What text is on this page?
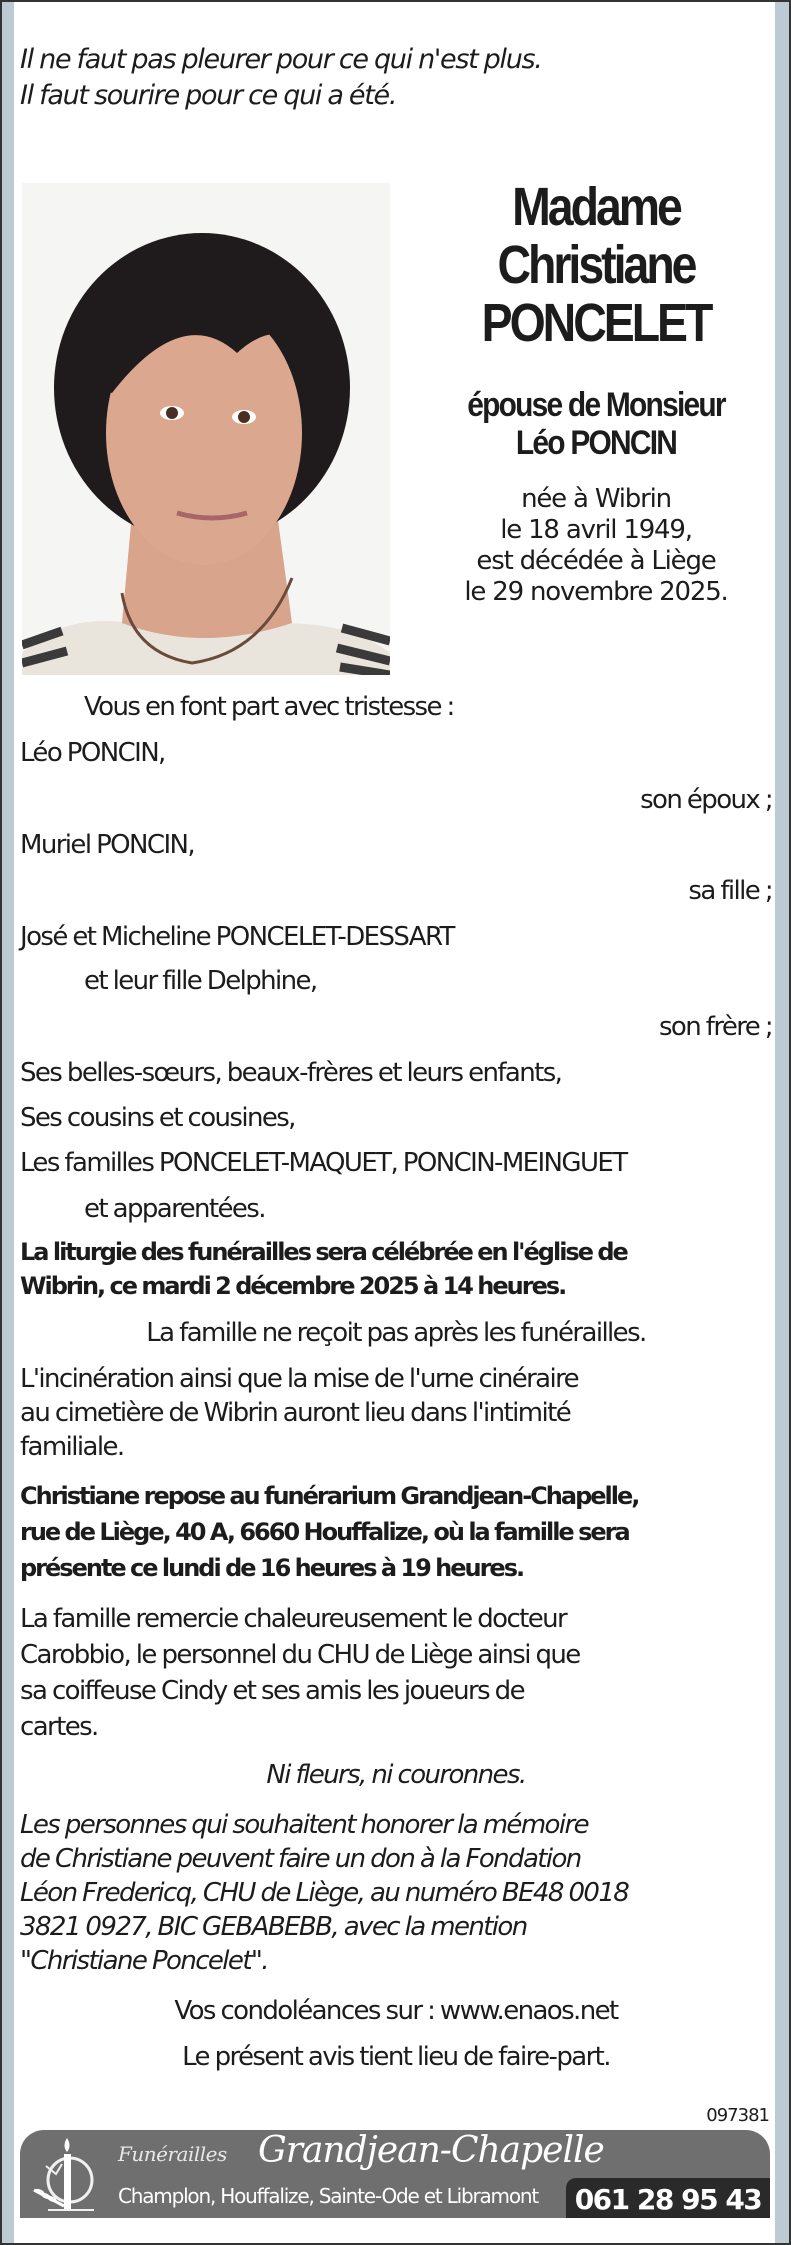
Il ne faut pas pleurer pour ce qui n'est plus.
Il faut sourire pour ce qui a été.
Madame
Christiane
PONCELET
épouse de Monsieur
Léo PONCIN
née à Wibrin
le 18 avril 1949,
est décédée à Liège
le 29 novembre 2025.
Vous en font part avec tristesse :
Léo PONCIN,
son époux ;
Muriel PONCIN,
sa fille ;
José et Micheline PONCELET-DESSART
et leur fille Delphine,
son frère ;
Ses belles-sœurs, beaux-frères et leurs enfants,
Ses cousins et cousines,
Les familles PONCELET-MAQUET, PONCIN-MEINGUET
et apparentées.
La liturgie des funérailles sera célébrée en l'église de
Wibrin, ce mardi 2 décembre 2025 à 14 heures.
La famille ne reçoit pas après les funérailles.
L'incinération ainsi que la mise de l'urne cinéraire
au cimetière de Wibrin auront lieu dans l'intimité
familiale.
Christiane repose au funérarium Grandjean-Chapelle,
rue de Liège, 40 A, 6660 Houffalize, où la famille sera
présente ce lundi de 16 heures à 19 heures.
La famille remercie chaleureusement le docteur
Carobbio, le personnel du CHU de Liège ainsi que
sa coiffeuse Cindy et ses amis les joueurs de
cartes.
Ni fleurs, ni couronnes.
Les personnes qui souhaitent honorer la mémoire
de Christiane peuvent faire un don à la Fondation
Léon Fredericq, CHU de Liège, au numéro BE48 0018
3821 0927, BIC GEBABEBB, avec la mention
"Christiane Poncelet".
Vos condoléances sur : www.enaos.net
Le présent avis tient lieu de faire-part.
097381
Funérailles Grandjean-Chapelle
Champlon, Houffalize, Sainte-Ode et Libramont	061 28 95 43
